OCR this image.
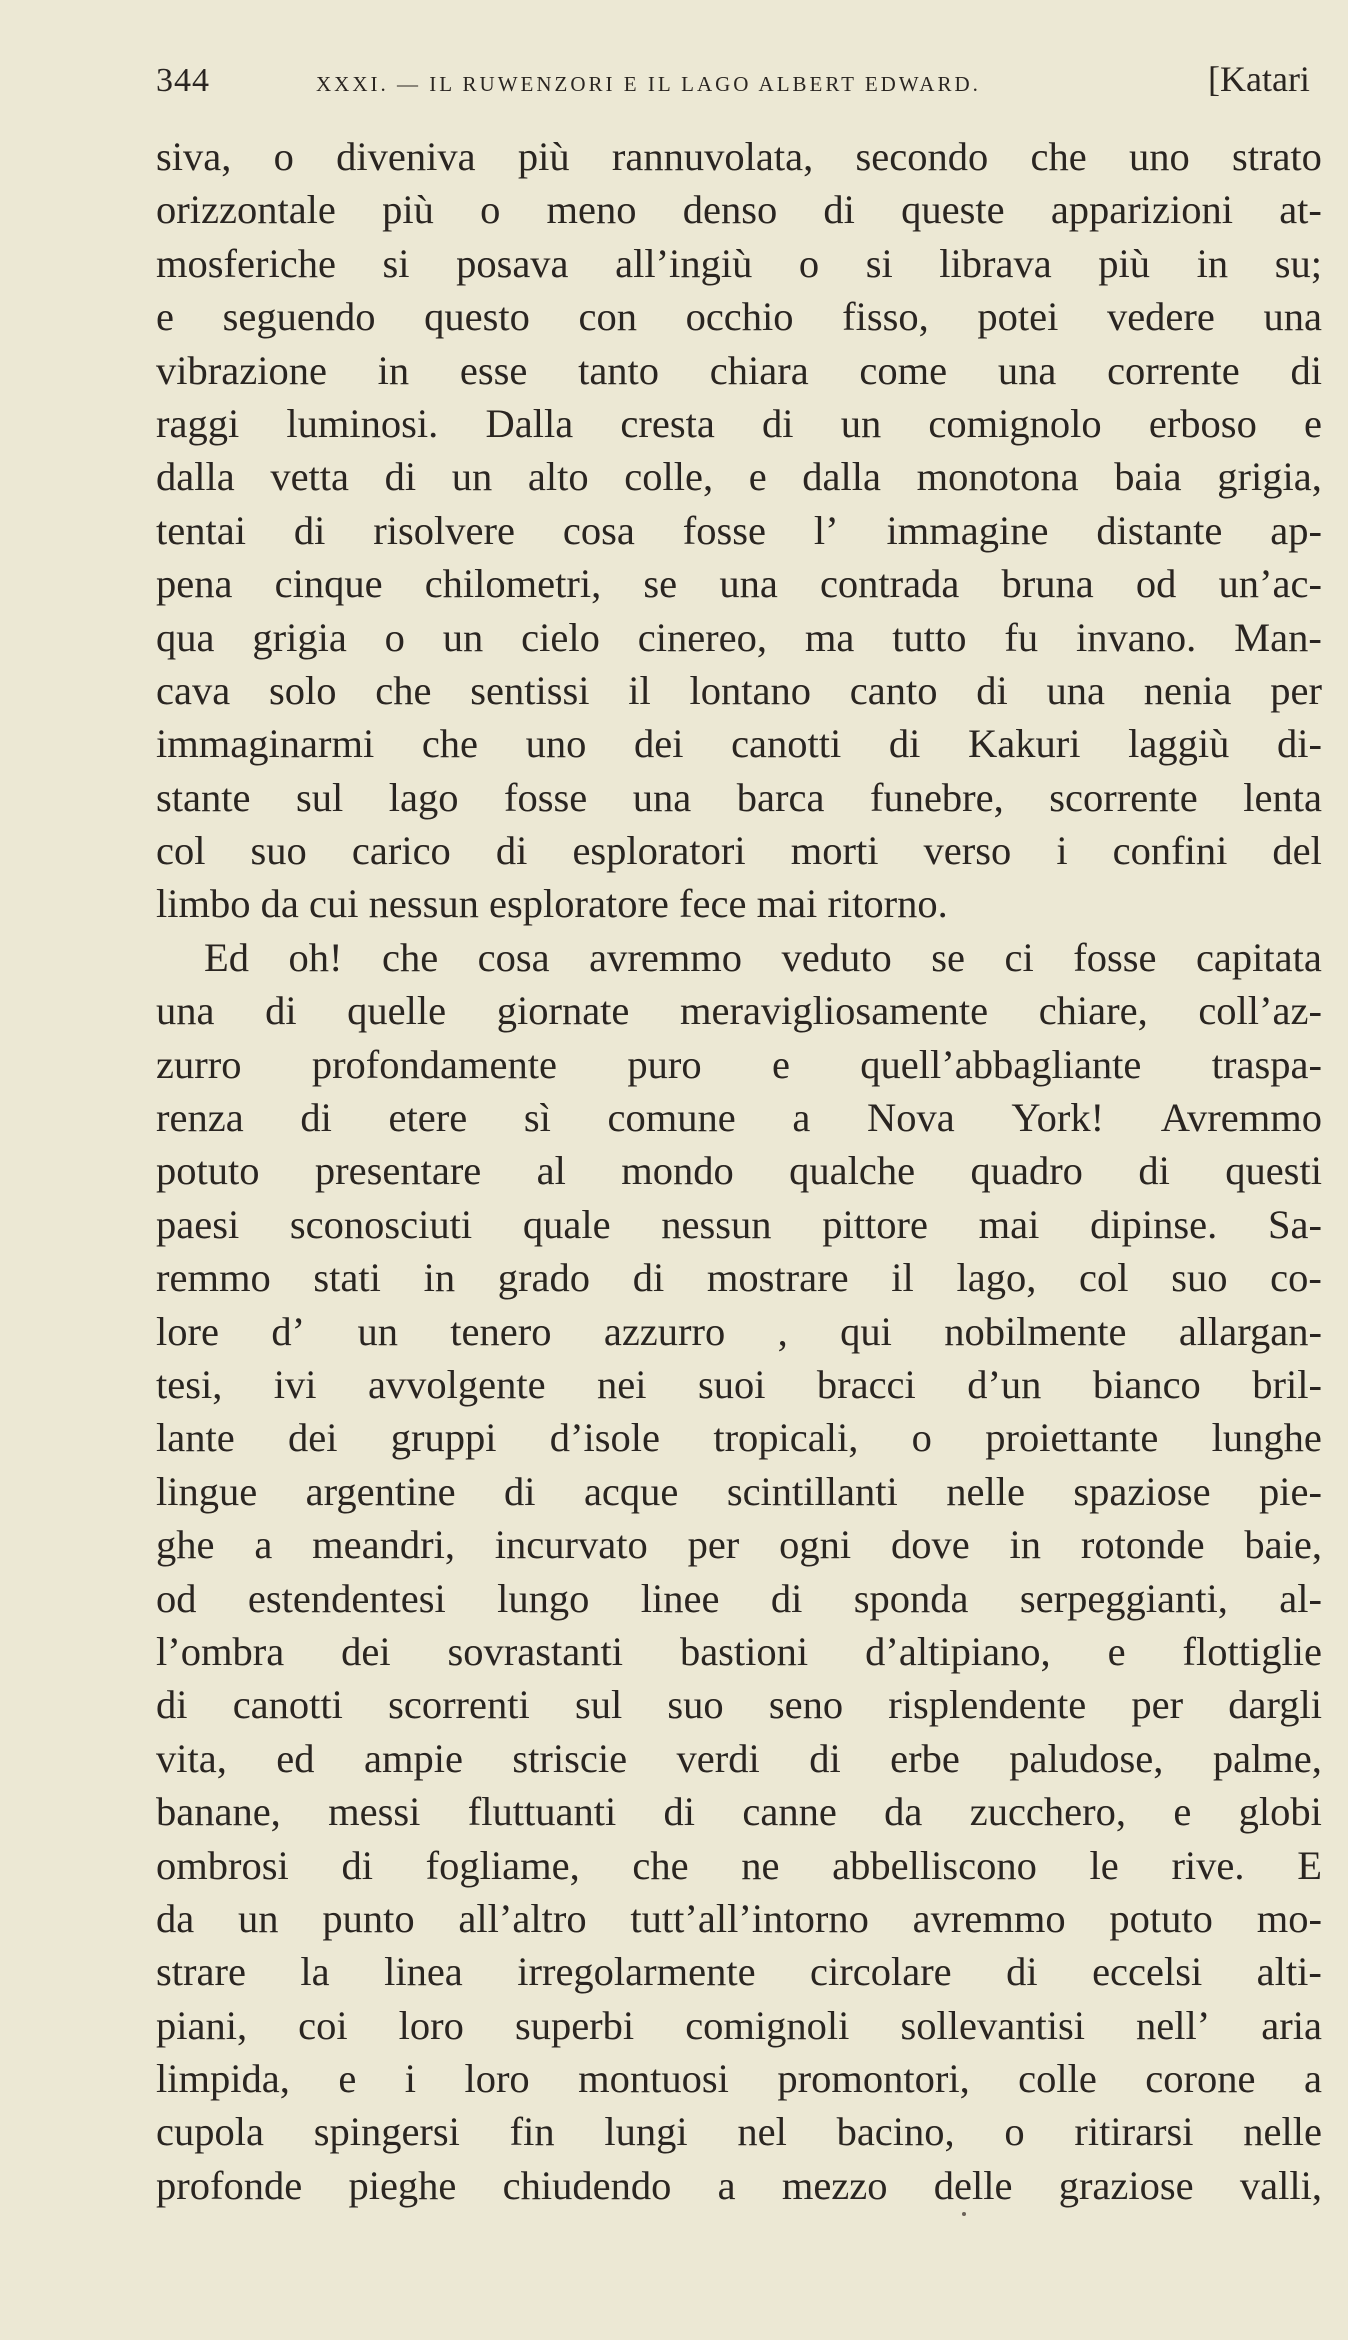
344	XXXI. — IL RUWENZORI E IL LAGO ALBERT EDWARD.	[Katari
siva, o diveniva più rannuvolata, secondo che uno strato
orizzontale più o meno denso di queste apparizioni at-
mosferiche si posava all’ingiù o si librava più in su;
e seguendo questo con occhio fisso, potei vedere una
vibrazione in esse tanto chiara come una corrente di
raggi luminosi. Dalla cresta di un comignolo erboso e
dalla vetta di un alto colle, e dalla monotona baia grigia,
tentai di risolvere cosa fosse l’ immagine distante ap-
pena cinque chilometri, se una contrada bruna od un’ac-
qua grigia o un cielo cinereo, ma tutto fu invano. Man-
cava solo che sentissi il lontano canto di una nenia per
immaginarmi che uno dei canotti di Kakuri laggiù di-
stante sul lago fosse una barca funebre, scorrente lenta
col suo carico di esploratori morti verso i confini del
limbo da cui nessun esploratore fece mai ritorno.
Ed oh! che cosa avremmo veduto se ci fosse capitata
una di quelle giornate meravigliosamente chiare, coll’az-
zurro profondamente puro e quell’abbagliante traspa-
renza di etere sì comune a Nova York! Avremmo
potuto presentare al mondo qualche quadro di questi
paesi sconosciuti quale nessun pittore mai dipinse. Sa-
remmo stati in grado di mostrare il lago, col suo co-
lore d’ un tenero azzurro , qui nobilmente allargan-
tesi, ivi avvolgente nei suoi bracci d’un bianco bril-
lante dei gruppi d’isole tropicali, o proiettante lunghe
lingue argentine di acque scintillanti nelle spaziose pie-
ghe a meandri, incurvato per ogni dove in rotonde baie,
od estendentesi lungo linee di sponda serpeggianti, al-
l’ombra dei sovrastanti bastioni d’altipiano, e flottiglie
di canotti scorrenti sul suo seno risplendente per dargli
vita, ed ampie striscie verdi di erbe paludose, palme,
banane, messi fluttuanti di canne da zucchero, e globi
ombrosi di fogliame, che ne abbelliscono le rive. E
da un punto all’altro tutt’all’intorno avremmo potuto mo-
strare la linea irregolarmente circolare di eccelsi alti-
piani, coi loro superbi comignoli sollevantisi nell’ aria
limpida, e i loro montuosi promontori, colle corone a
cupola spingersi fin lungi nel bacino, o ritirarsi nelle
profonde pieghe chiudendo a mezzo delle graziose valli,
